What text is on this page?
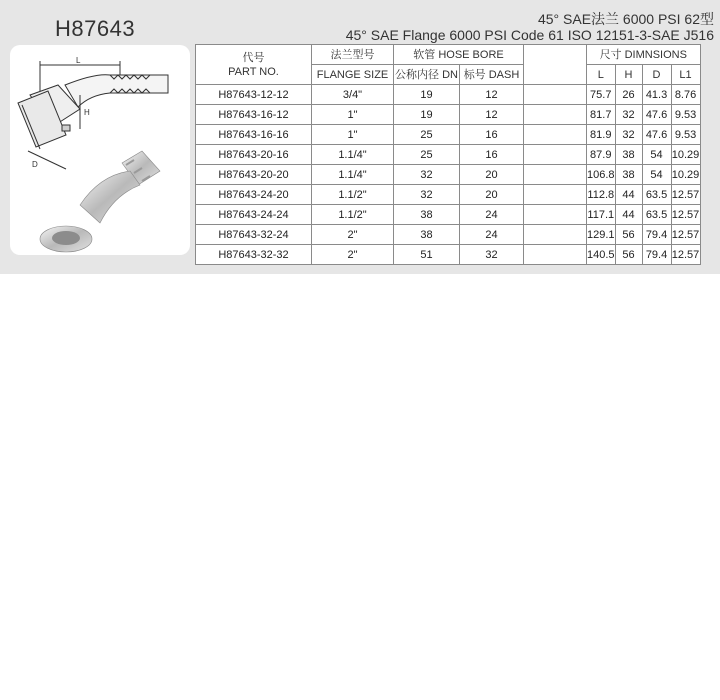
H87643	45° SAE法兰 6000 PSI 62型
45° SAE Flange 6000 PSI Code 61 ISO 12151-3-SAE J516
L
H
D
代号
PART NO.	法兰型号	软管 HOSE BORE			尺寸 DIMNSIONS			
	FLANGE SIZE	公称内径 DN	标号 DASH		L	H	D	L1
H87643-12-12	3/4"	19	12		75.7	26	41.3	8.76
H87643-16-12	1"	19	12		81.7	32	47.6	9.53
H87643-16-16	1"	25	16		81.9	32	47.6	9.53
H87643-20-16	1.1/4"	25	16		87.9	38	54	10.29
H87643-20-20	1.1/4"	32	20		106.8	38	54	10.29
H87643-24-20	1.1/2"	32	20		112.8	44	63.5	12.57
H87643-24-24	1.1/2"	38	24		117.1	44	63.5	12.57
H87643-32-24	2"	38	24		129.1	56	79.4	12.57
H87643-32-32	2"	51	32		140.5	56	79.4	12.57
